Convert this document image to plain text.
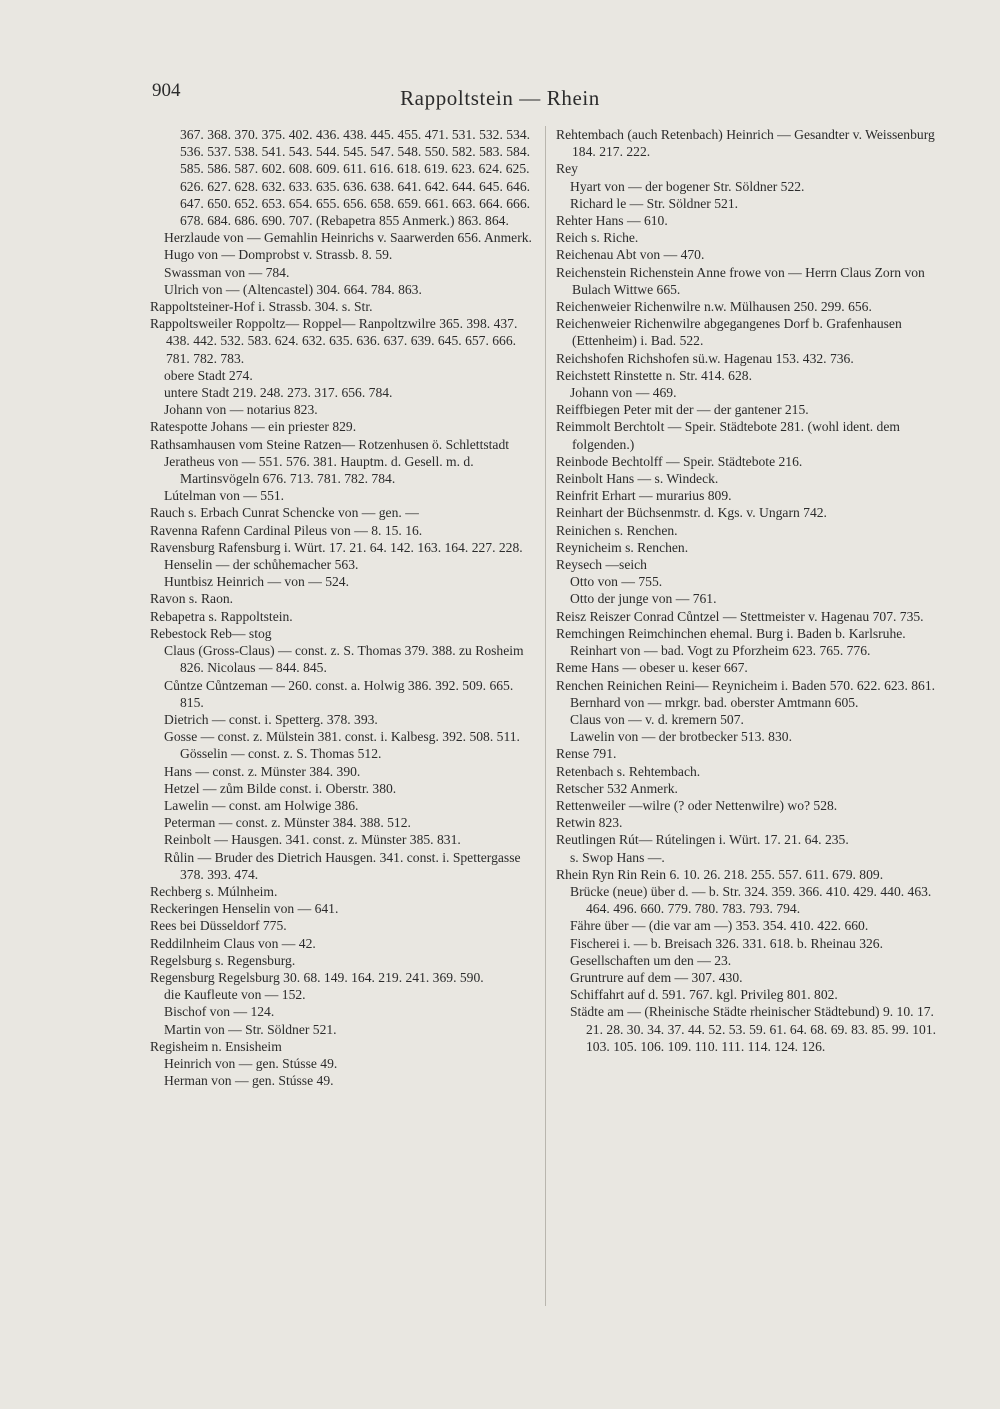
904	Rappoltstein — Rhein

367. 368. 370. 375. 402. 436. 438. 445. 455. 471. 531. 532. 534. 536. 537. 538. 541. 543. 544. 545. 547. 548. 550. 582. 583. 584. 585. 586. 587. 602. 608. 609. 611. 616. 618. 619. 623. 624. 625. 626. 627. 628. 632. 633. 635. 636. 638. 641. 642. 644. 645. 646. 647. 650. 652. 653. 654. 655. 656. 658. 659. 661. 663. 664. 666. 678. 684. 686. 690. 707. (Rebapetra 855 Anmerk.) 863. 864.

Herzlaude von — Gemahlin Heinrichs v. Saarwerden 656. Anmerk.

Hugo von — Domprobst v. Strassb. 8. 59.

Swassman von — 784.

Ulrich von — (Altencastel) 304. 664. 784. 863.

Rappoltsteiner-Hof i. Strassb. 304. s. Str.

Rappoltsweiler Roppoltz— Roppel— Ranpoltzwilre 365. 398. 437. 438. 442. 532. 583. 624. 632. 635. 636. 637. 639. 645. 657. 666. 781. 782. 783.

obere Stadt 274.

untere Stadt 219. 248. 273. 317. 656. 784.

Johann von — notarius 823.

Ratespotte Johans — ein priester 829.

Rathsamhausen vom Steine Ratzen— Rotzenhusen ö. Schlettstadt

Jeratheus von — 551. 576. 381. Hauptm. d. Gesell. m. d. Martinsvögeln 676. 713. 781. 782. 784.

Lútelman von — 551.

Rauch s. Erbach Cunrat Schencke von — gen. —

Ravenna Rafenn Cardinal Pileus von — 8. 15. 16.

Ravensburg Rafensburg i. Würt. 17. 21. 64. 142. 163. 164. 227. 228.

Henselin — der schůhemacher 563.

Huntbisz Heinrich — von — 524.

Ravon s. Raon.

Rebapetra s. Rappoltstein.

Rebestock Reb— stog

Claus (Gross-Claus) — const. z. S. Thomas 379. 388. zu Rosheim 826. Nicolaus — 844. 845.

Cůntze Cůntzeman — 260. const. a. Holwig 386. 392. 509. 665. 815.

Dietrich — const. i. Spetterg. 378. 393.

Gosse — const. z. Mülstein 381. const. i. Kalbesg. 392. 508. 511. Gösselin — const. z. S. Thomas 512.

Hans — const. z. Münster 384. 390.

Hetzel — zům Bilde const. i. Oberstr. 380.

Lawelin — const. am Holwige 386.

Peterman — const. z. Münster 384. 388. 512.

Reinbolt — Hausgen. 341. const. z. Münster 385. 831.

Růlin — Bruder des Dietrich Hausgen. 341. const. i. Spettergasse 378. 393. 474.

Rechberg s. Múlnheim.

Reckeringen Henselin von — 641.

Rees bei Düsseldorf 775.

Reddilnheim Claus von — 42.

Regelsburg s. Regensburg.

Regensburg Regelsburg 30. 68. 149. 164. 219. 241. 369. 590.

die Kaufleute von — 152.

Bischof von — 124.

Martin von — Str. Söldner 521.

Regisheim n. Ensisheim

Heinrich von — gen. Stússe 49.

Herman von — gen. Stússe 49.

Rehtembach (auch Retenbach) Heinrich — Gesandter v. Weissenburg 184. 217. 222.

Rey

Hyart von — der bogener Str. Söldner 522.

Richard le — Str. Söldner 521.

Rehter Hans — 610.

Reich s. Riche.

Reichenau Abt von — 470.

Reichenstein Richenstein Anne frowe von — Herrn Claus Zorn von Bulach Wittwe 665.

Reichenweier Richenwilre n.w. Mülhausen 250. 299. 656.

Reichenweier Richenwilre abgegangenes Dorf b. Grafenhausen (Ettenheim) i. Bad. 522.

Reichshofen Richshofen sü.w. Hagenau 153. 432. 736.

Reichstett Rinstette n. Str. 414. 628.

Johann von — 469.

Reiffbiegen Peter mit der — der gantener 215.

Reimmolt Berchtolt — Speir. Städtebote 281. (wohl ident. dem folgenden.)

Reinbode Bechtolff — Speir. Städtebote 216.

Reinbolt Hans — s. Windeck.

Reinfrit Erhart — murarius 809.

Reinhart der Büchsenmstr. d. Kgs. v. Ungarn 742.

Reinichen s. Renchen.

Reynicheim s. Renchen.

Reysech —seich

Otto von — 755.

Otto der junge von — 761.

Reisz Reiszer Conrad Cůntzel — Stettmeister v. Hagenau 707. 735.

Remchingen Reimchinchen ehemal. Burg i. Baden b. Karlsruhe.

Reinhart von — bad. Vogt zu Pforzheim 623. 765. 776.

Reme Hans — obeser u. keser 667.

Renchen Reinichen Reini— Reynicheim i. Baden 570. 622. 623. 861.

Bernhard von — mrkgr. bad. oberster Amtmann 605.

Claus von — v. d. kremern 507.

Lawelin von — der brotbecker 513. 830.

Rense 791.

Retenbach s. Rehtembach.

Retscher 532 Anmerk.

Rettenweiler —wilre (? oder Nettenwilre) wo? 528.

Retwin 823.

Reutlingen Rút— Rútelingen i. Würt. 17. 21. 64. 235.

s. Swop Hans —.

Rhein Ryn Rin Rein 6. 10. 26. 218. 255. 557. 611. 679. 809.

Brücke (neue) über d. — b. Str. 324. 359. 366. 410. 429. 440. 463. 464. 496. 660. 779. 780. 783. 793. 794.

Fähre über — (die var am —) 353. 354. 410. 422. 660.

Fischerei i. — b. Breisach 326. 331. 618. b. Rheinau 326.

Gesellschaften um den — 23.

Gruntrure auf dem — 307. 430.

Schiffahrt auf d. 591. 767. kgl. Privileg 801. 802.

Städte am — (Rheinische Städte rheinischer Städtebund) 9. 10. 17. 21. 28. 30. 34. 37. 44. 52. 53. 59. 61. 64. 68. 69. 83. 85. 99. 101. 103. 105. 106. 109. 110. 111. 114. 124. 126.
